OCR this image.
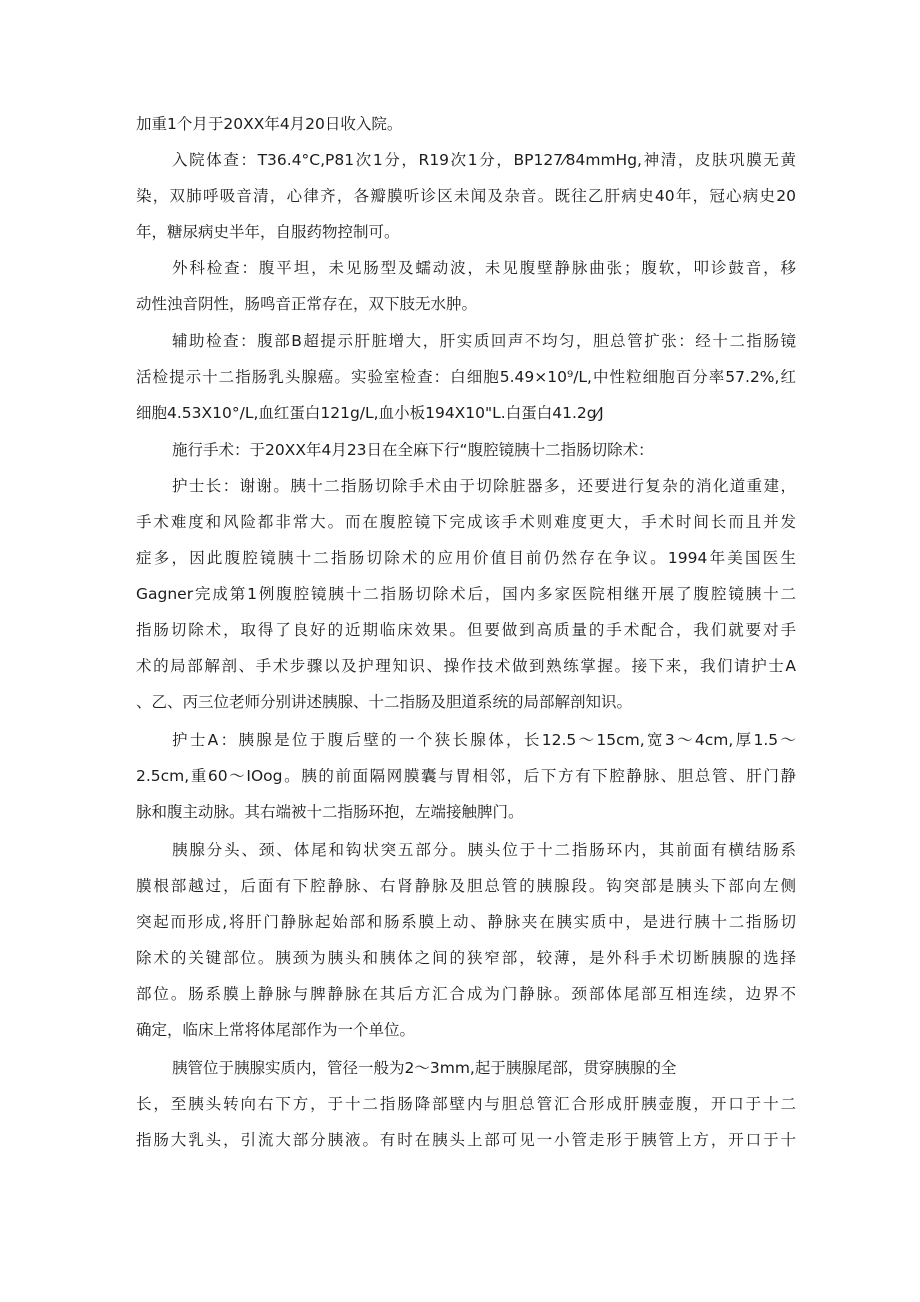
加重1个月于20XX年4月20日收入院。
入院体查：T36.4°C,P81次1分，R19次1分，BP127⁄84mmHg,神清，皮肤巩膜无黄
染，双肺呼吸音清，心律齐，各瓣膜听诊区未闻及杂音。既往乙肝病史40年，冠心病史20
年，糖尿病史半年，自服药物控制可。
外科检查：腹平坦，未见肠型及蠕动波，未见腹壁静脉曲张；腹软，叩诊鼓音，移
动性浊音阴性，肠鸣音正常存在，双下肢无水肿。
辅助检查：腹部B超提示肝脏增大，肝实质回声不均匀，胆总管扩张：经十二指肠镜
活检提示十二指肠乳头腺癌。实验室检查：白细胞5.49×10⁹/L,中性粒细胞百分率57.2%,红
细胞4.53X10°/L,血红蛋白121g/L,血小板194X10"L.白蛋白41.2g⁄J
施行手术：于20XX年4月23日在全麻下行“腹腔镜胰十二指肠切除术：
护士长：谢谢。胰十二指肠切除手术由于切除脏器多，还要进行复杂的消化道重建，
手术难度和风险都非常大。而在腹腔镜下完成该手术则难度更大，手术时间长而且并发
症多，因此腹腔镜胰十二指肠切除术的应用价值目前仍然存在争议。1994年美国医生
Gagner完成第1例腹腔镜胰十二指肠切除术后，国内多家医院相继开展了腹腔镜胰十二
指肠切除术，取得了良好的近期临床效果。但要做到高质量的手术配合，我们就要对手
术的局部解剖、手术步骤以及护理知识、操作技术做到熟练掌握。接下来，我们请护士A
、乙、丙三位老师分别讲述胰腺、十二指肠及胆道系统的局部解剖知识。
护士A：胰腺是位于腹后壁的一个狭长腺体，长12.5～15cm,宽3～4cm,厚1.5～
2.5cm,重60～IOog。胰的前面隔网膜囊与胃相邻，后下方有下腔静脉、胆总管、肝门静
脉和腹主动脉。其右端被十二指肠环抱，左端接触脾门。
胰腺分头、颈、体尾和钩状突五部分。胰头位于十二指肠环内，其前面有横结肠系
膜根部越过，后面有下腔静脉、右肾静脉及胆总管的胰腺段。钩突部是胰头下部向左侧
突起而形成,将肝门静脉起始部和肠系膜上动、静脉夹在胰实质中，是进行胰十二指肠切
除术的关键部位。胰颈为胰头和胰体之间的狭窄部，较薄，是外科手术切断胰腺的选择
部位。肠系膜上静脉与脾静脉在其后方汇合成为门静脉。颈部体尾部互相连续，边界不
确定，临床上常将体尾部作为一个单位。
胰管位于胰腺实质内，管径一般为2～3mm,起于胰腺尾部，贯穿胰腺的全
长，至胰头转向右下方，于十二指肠降部壁内与胆总管汇合形成肝胰壶腹，开口于十二
指肠大乳头，引流大部分胰液。有时在胰头上部可见一小管走形于胰管上方，开口于十
